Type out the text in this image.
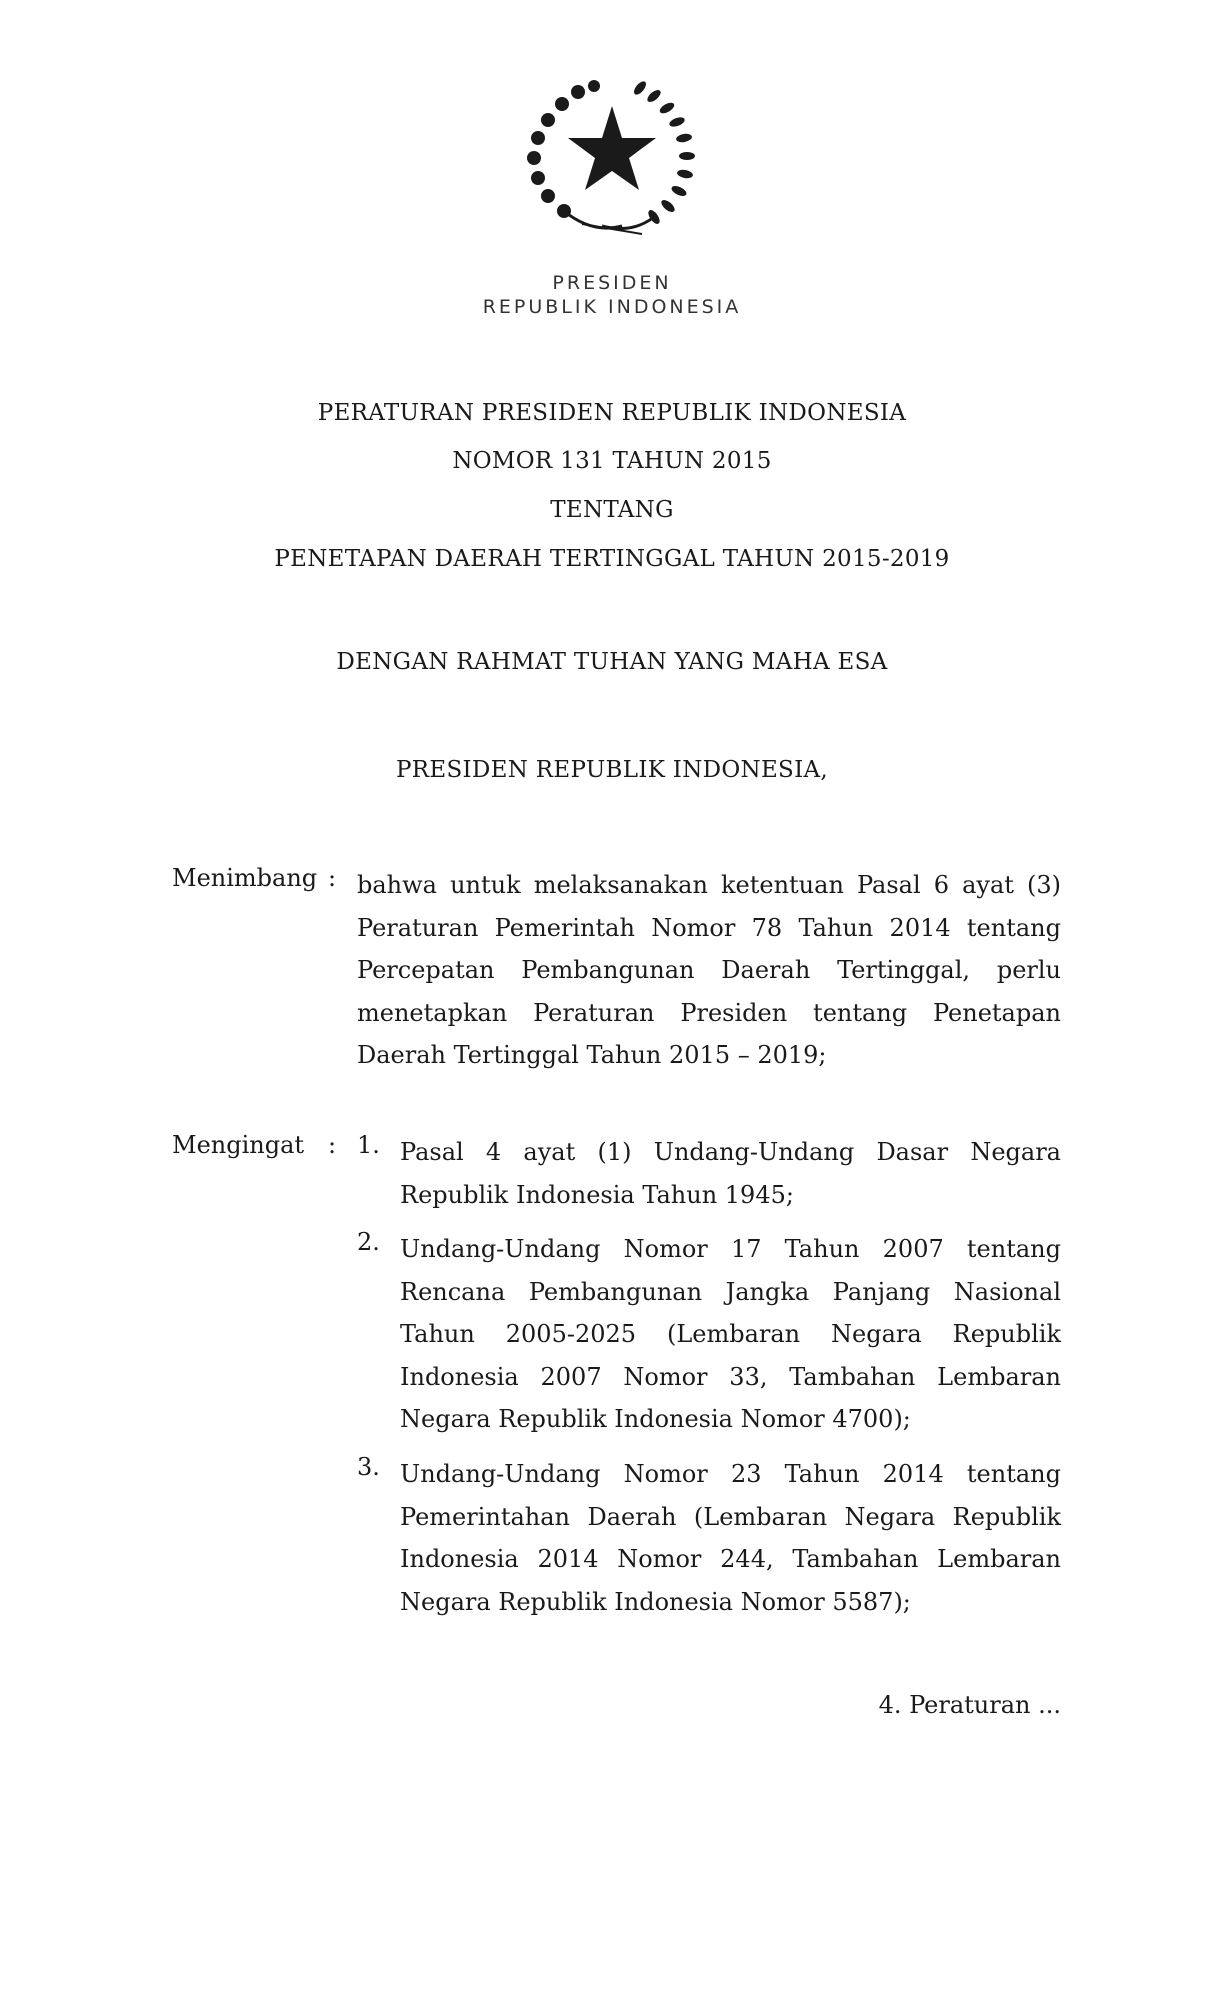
PRESIDEN
REPUBLIK INDONESIA
PERATURAN PRESIDEN REPUBLIK INDONESIA
NOMOR 131 TAHUN 2015
TENTANG
PENETAPAN DAERAH TERTINGGAL TAHUN 2015-2019
DENGAN RAHMAT TUHAN YANG MAHA ESA
PRESIDEN REPUBLIK INDONESIA,
Menimbang : bahwa untuk melaksanakan ketentuan Pasal 6 ayat (3)
Peraturan Pemerintah Nomor 78 Tahun 2014 tentang
Percepatan Pembangunan Daerah Tertinggal, perlu
menetapkan Peraturan Presiden tentang Penetapan
Daerah Tertinggal Tahun 2015 – 2019;
Mengingat : 1. Pasal 4 ayat (1) Undang-Undang Dasar Negara
Republik Indonesia Tahun 1945;
2. Undang-Undang Nomor 17 Tahun 2007 tentang
Rencana Pembangunan Jangka Panjang Nasional
Tahun 2005-2025 (Lembaran Negara Republik
Indonesia 2007 Nomor 33, Tambahan Lembaran
Negara Republik Indonesia Nomor 4700);
3. Undang-Undang Nomor 23 Tahun 2014 tentang
Pemerintahan Daerah (Lembaran Negara Republik
Indonesia 2014 Nomor 244, Tambahan Lembaran
Negara Republik Indonesia Nomor 5587);
4. Peraturan ...
